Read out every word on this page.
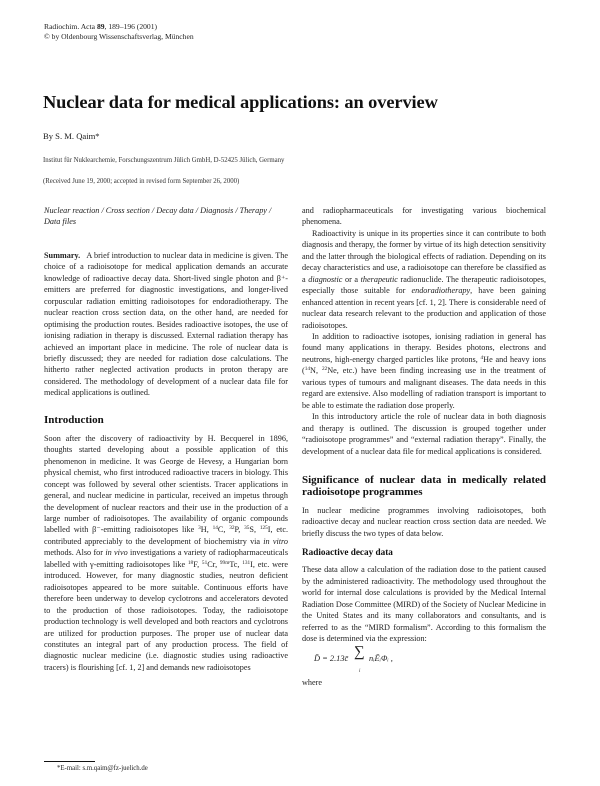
Radiochim. Acta 89, 189–196 (2001)
© by Oldenbourg Wissenschaftsverlag, München
Nuclear data for medical applications: an overview
By S. M. Qaim*
Institut für Nuklearchemie, Forschungszentrum Jülich GmbH, D-52425 Jülich, Germany
(Received June 19, 2000; accepted in revised form September 26, 2000)

Nuclear reaction / Cross section / Decay data / Diagnosis / Therapy / Data files

Summary. A brief introduction to nuclear data in medicine is given. The choice of a radioisotope for medical application demands an accurate knowledge of radioactive decay data. Short-lived single photon and β⁺-emitters are preferred for diagnostic investigations, and longer-lived corpuscular radiation emitting radioisotopes for endoradiotherapy. The nuclear reaction cross section data, on the other hand, are needed for optimising the production routes. Besides radioactive isotopes, the use of ionising radiation in therapy is discussed. External radiation therapy has achieved an important place in medicine. The role of nuclear data is briefly discussed; they are needed for radiation dose calculations. The hitherto rather neglected activation products in proton therapy are considered. The methodology of development of a nuclear data file for medical applications is outlined.

Introduction

Soon after the discovery of radioactivity by H. Becquerel in 1896, thoughts started developing about a possible application of this phenomenon in medicine. It was George de Hevesy, a Hungarian born physical chemist, who first introduced radioactive tracers in biology. This concept was followed by several other scientists. Tracer applications in general, and nuclear medicine in particular, received an impetus through the development of nuclear reactors and their use in the production of a large number of radioisotopes. The availability of organic compounds labelled with β⁻-emitting radioisotopes like $^3$H, $^{14}$C, $^{32}$P, $^{35}$S, $^{125}$I, etc. contributed appreciably to the development of biochemistry via in vitro methods. Also for in vivo investigations a variety of radiopharmaceuticals labelled with γ-emitting radioisotopes like $^{18}$F, $^{51}$Cr, $^{99m}$Tc, $^{131}$I, etc. were introduced. However, for many diagnostic studies, neutron deficient radioisotopes appeared to be more suitable. Continuous efforts have therefore been underway to develop cyclotrons and accelerators devoted to the production of those radioisotopes. Today, the radioisotope production technology is well developed and both reactors and cyclotrons are utilized for production purposes. The proper use of nuclear data constitutes an integral part of any production process. The field of diagnostic nuclear medicine (i.e. diagnostic studies using radioactive tracers) is flourishing [cf. 1, 2] and demands new radioisotopes

and radiopharmaceuticals for investigating various biochemical phenomena.

Radioactivity is unique in its properties since it can contribute to both diagnosis and therapy, the former by virtue of its high detection sensitivity and the latter through the biological effects of radiation. Depending on its decay characteristics and use, a radioisotope can therefore be classified as a diagnostic or a therapeutic radionuclide. The therapeutic radioisotopes, especially those suitable for endoradiotherapy, have been gaining enhanced attention in recent years [cf. 1, 2]. There is considerable need of nuclear data research relevant to the production and application of those radioisotopes.

In addition to radioactive isotopes, ionising radiation in general has found many applications in therapy. Besides photons, electrons and neutrons, high-energy charged particles like protons, $^4$He and heavy ions ($^{14}$N, $^{22}$Ne, etc.) have been finding increasing use in the treatment of various types of tumours and malignant diseases. The data needs in this regard are extensive. Also modelling of radiation transport is important to be able to estimate the radiation dose properly.

In this introductory article the role of nuclear data in both diagnosis and therapy is outlined. The discussion is grouped together under “radioisotope programmes” and “external radiation therapy”. Finally, the development of a nuclear data file for medical applications is considered.

Significance of nuclear data in medically related radioisotope programmes

In nuclear medicine programmes involving radioisotopes, both radioactive decay and nuclear reaction cross section data are needed. We briefly discuss the two types of data below.

Radioactive decay data

These data allow a calculation of the radiation dose to the patient caused by the administered radioactivity. The methodology used throughout the world for internal dose calculations is provided by the Medical Internal Radiation Dose Committee (MIRD) of the Society of Nuclear Medicine in the United States and its many collaborators and consultants, and is referred to as the “MIRD formalism”. According to this formalism the dose is determined via the expression:

D̄ = 2.13c̄ ∑
i
nᵢĒᵢΦᵢ ,

where

*E-mail: s.m.qaim@fz-juelich.de
